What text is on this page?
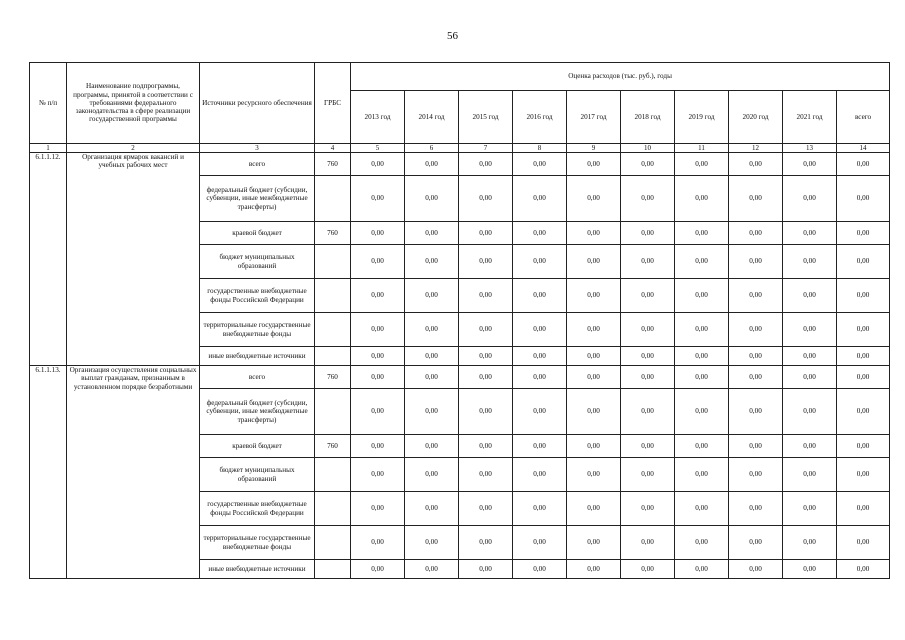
56
№ п/п	Наименование подпрограммы, программы, принятой в соответствии с требованиями федерального законодательства в сфере реализации государственной программы	Источники ресурсного обеспечения	ГРБС	Оценка расходов (тыс. руб.), годы									
				2013 год	2014 год	2015 год	2016 год	2017 год	2018 год	2019 год	2020 год	2021 год	всего
1	2	3	4	5	6	7	8	9	10	11	12	13	14
6.1.1.12.	Организация ярмарок вакансий и учебных рабочих мест	всего	760	0,00	0,00	0,00	0,00	0,00	0,00	0,00	0,00	0,00	0,00
		федеральный бюджет (субсидии, субвенции, иные межбюджетные трансферты)		0,00	0,00	0,00	0,00	0,00	0,00	0,00	0,00	0,00	0,00
		краевой бюджет	760	0,00	0,00	0,00	0,00	0,00	0,00	0,00	0,00	0,00	0,00
		бюджет муниципальных образований		0,00	0,00	0,00	0,00	0,00	0,00	0,00	0,00	0,00	0,00
		государственные внебюджетные фонды Российской Федерации		0,00	0,00	0,00	0,00	0,00	0,00	0,00	0,00	0,00	0,00
		территориальные государственные внебюджетные фонды		0,00	0,00	0,00	0,00	0,00	0,00	0,00	0,00	0,00	0,00
		иные внебюджетные источники		0,00	0,00	0,00	0,00	0,00	0,00	0,00	0,00	0,00	0,00
6.1.1.13.	Организация осуществления социальных выплат гражданам, признанным в установленном порядке безработными	всего	760	0,00	0,00	0,00	0,00	0,00	0,00	0,00	0,00	0,00	0,00
		федеральный бюджет (субсидии, субвенции, иные межбюджетные трансферты)		0,00	0,00	0,00	0,00	0,00	0,00	0,00	0,00	0,00	0,00
		краевой бюджет	760	0,00	0,00	0,00	0,00	0,00	0,00	0,00	0,00	0,00	0,00
		бюджет муниципальных образований		0,00	0,00	0,00	0,00	0,00	0,00	0,00	0,00	0,00	0,00
		государственные внебюджетные фонды Российской Федерации		0,00	0,00	0,00	0,00	0,00	0,00	0,00	0,00	0,00	0,00
		территориальные государственные внебюджетные фонды		0,00	0,00	0,00	0,00	0,00	0,00	0,00	0,00	0,00	0,00
		иные внебюджетные источники		0,00	0,00	0,00	0,00	0,00	0,00	0,00	0,00	0,00	0,00
